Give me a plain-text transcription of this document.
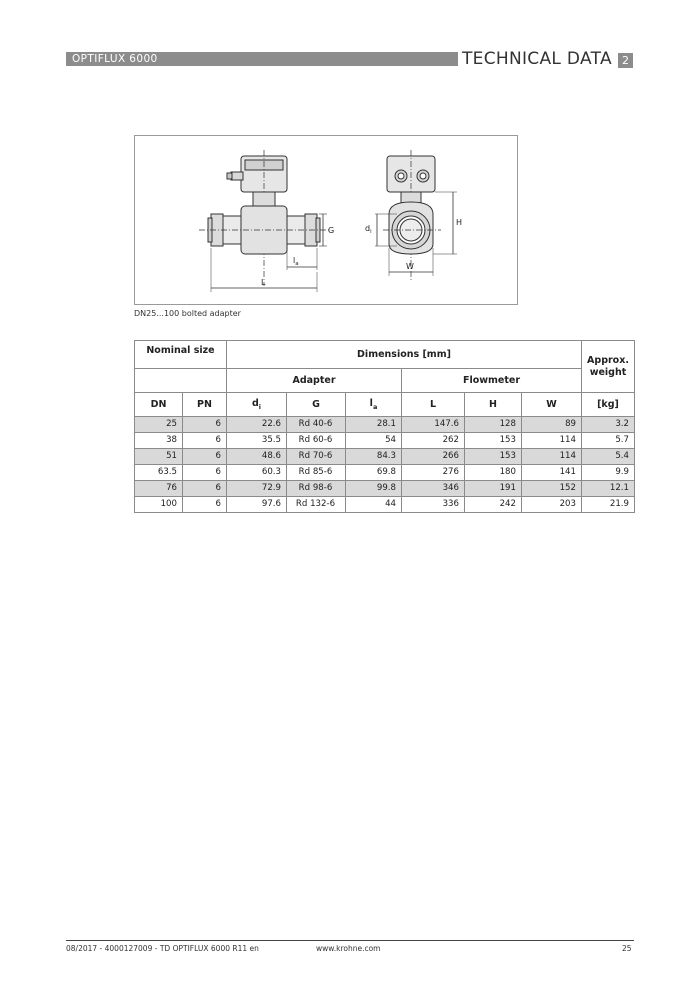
OPTIFLUX 6000	TECHNICAL DATA 2
G
$l_a$
L
$d_i$
H
W
DN25...100 bolted adapter
Nominal size		Dimensions [mm]						Approx.
weight
		Adapter			Flowmeter			
DN	PN	$d_i$	G	$l_a$	L	H	W	[kg]
25	6	22.6	Rd 40-6	28.1	147.6	128	89	3.2
38	6	35.5	Rd 60-6	54	262	153	114	5.7
51	6	48.6	Rd 70-6	84.3	266	153	114	5.4
63.5	6	60.3	Rd 85-6	69.8	276	180	141	9.9
76	6	72.9	Rd 98-6	99.8	346	191	152	12.1
100	6	97.6	Rd 132-6	44	336	242	203	21.9
08/2017 - 4000127009 - TD OPTIFLUX 6000 R11 en	www.krohne.com	25
